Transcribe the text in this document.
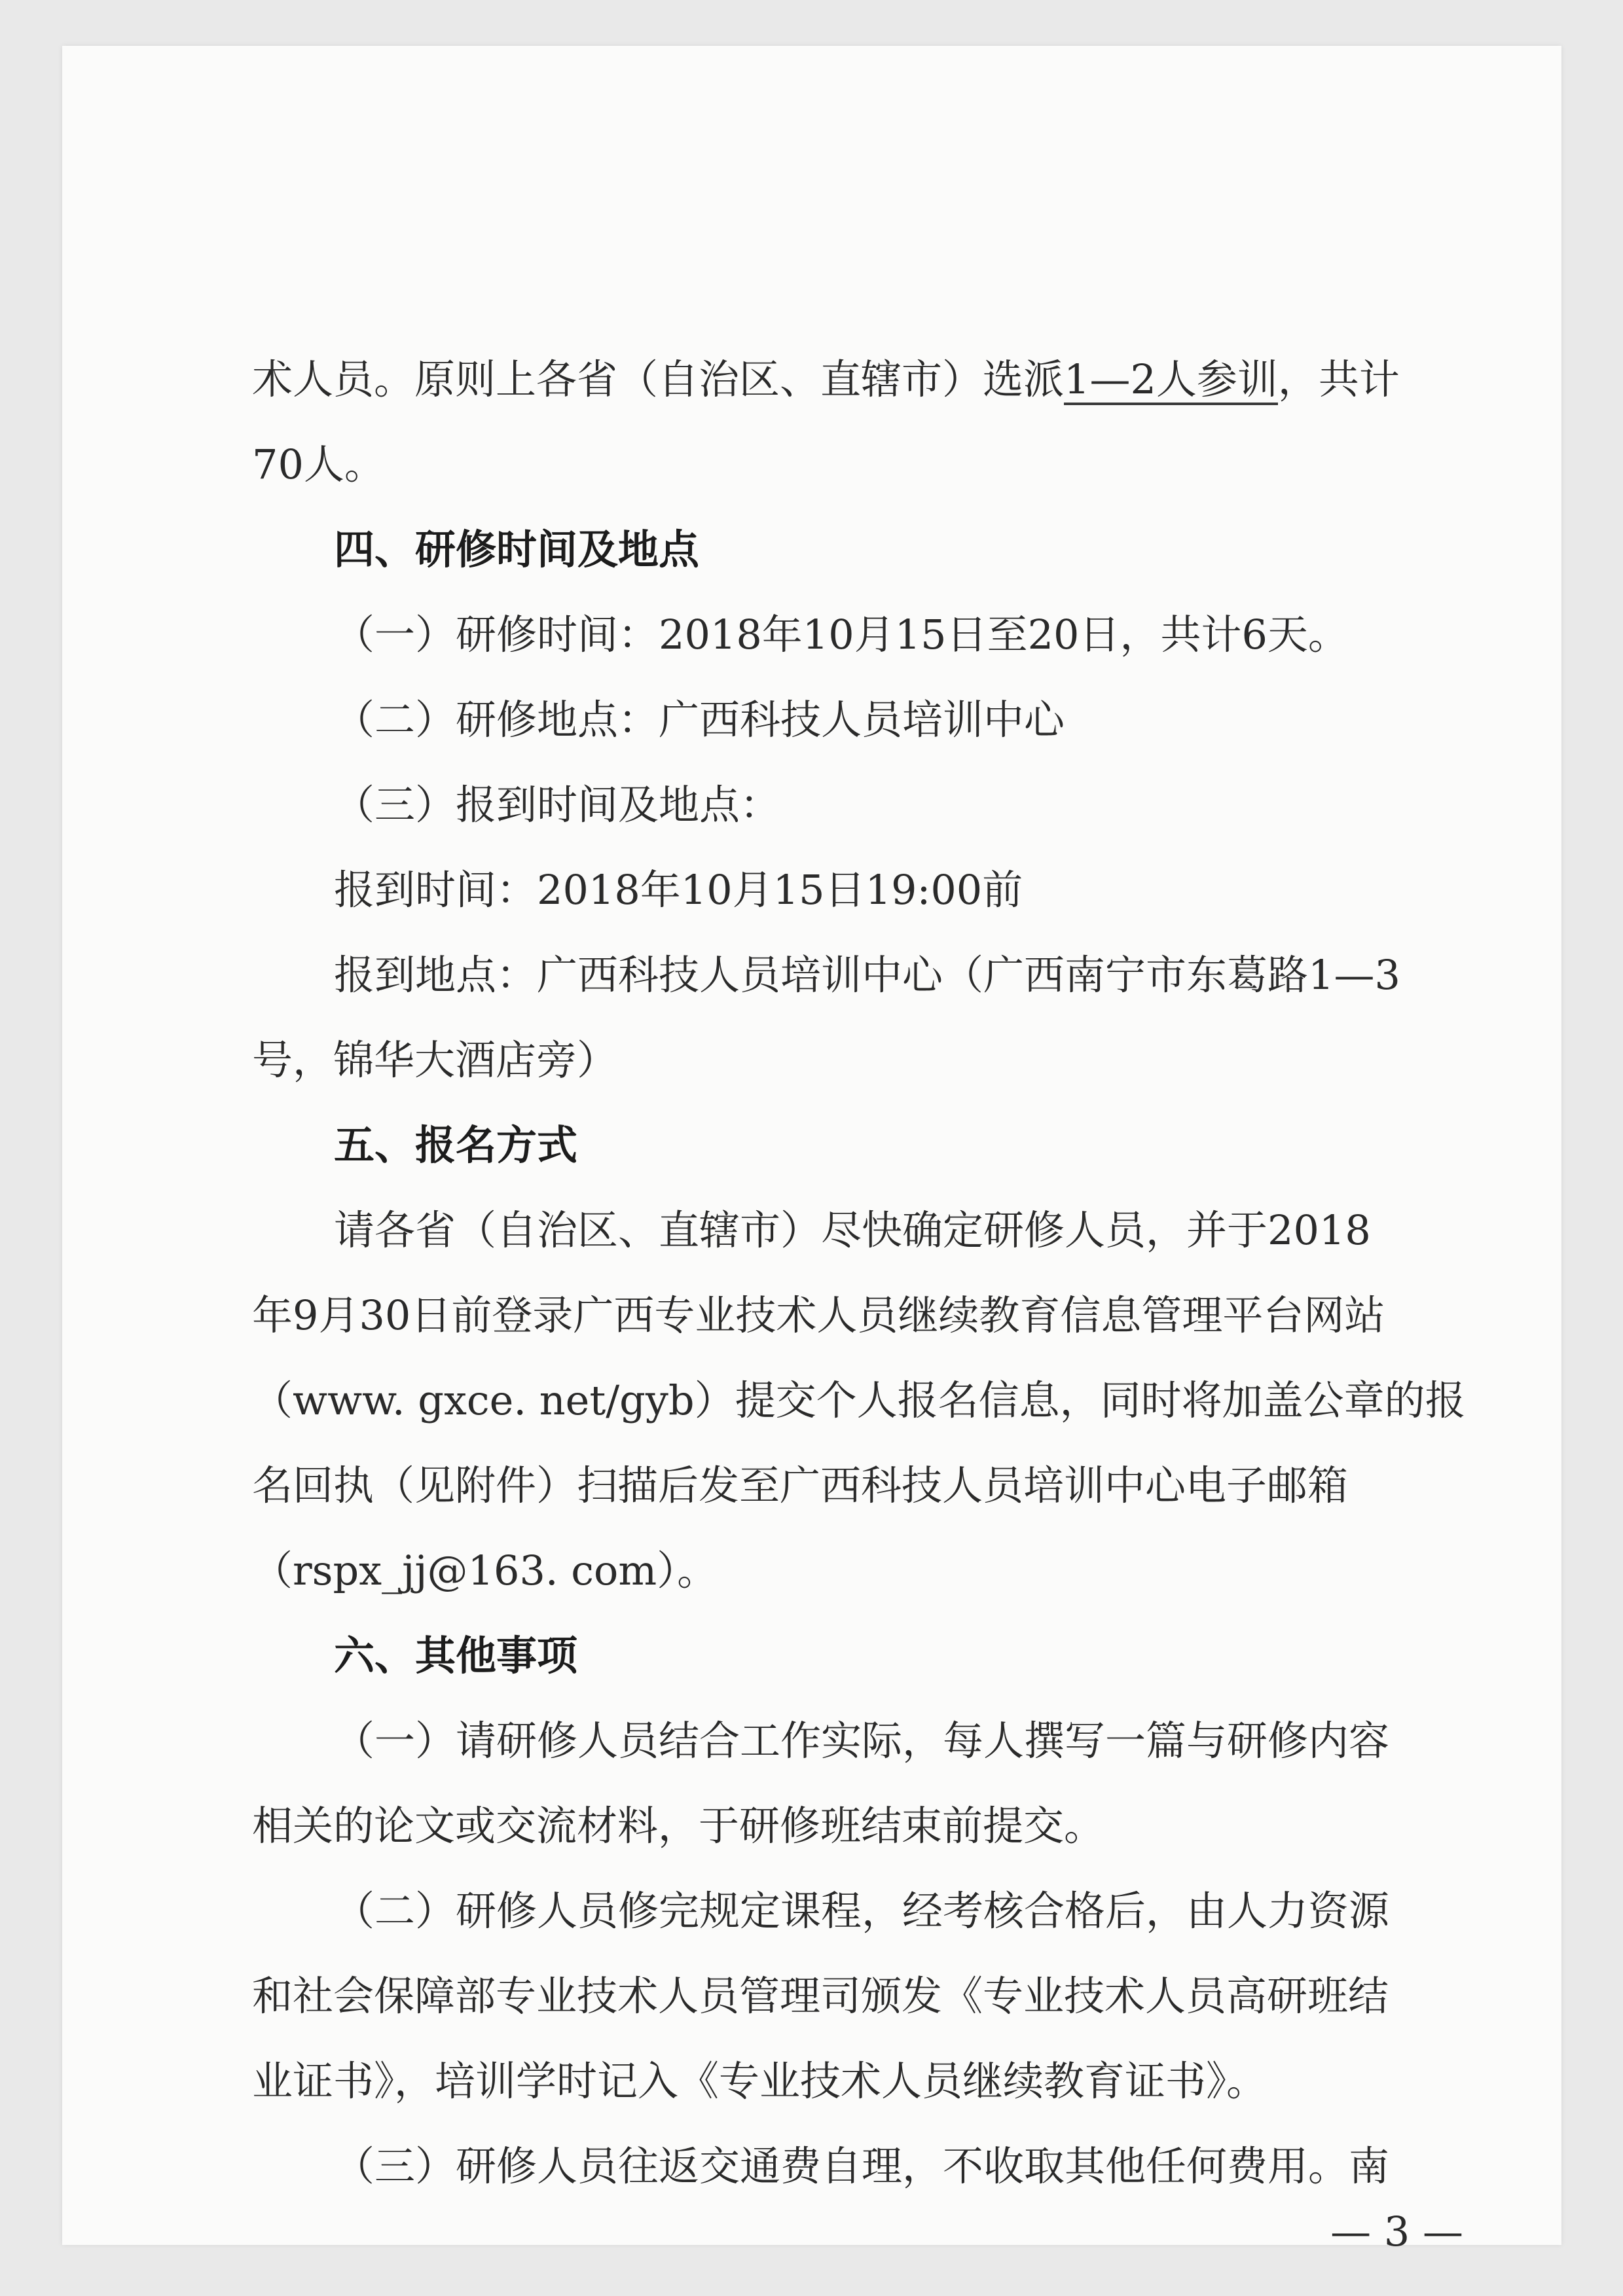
术人员。原则上各省（自治区、直辖市）选派1—2人参训，共计

70人。

四、研修时间及地点

（一）研修时间：2018年10月15日至20日，共计6天。

（二）研修地点：广西科技人员培训中心

（三）报到时间及地点：

报到时间：2018年10月15日19:00前

报到地点：广西科技人员培训中心（广西南宁市东葛路1—3

号，锦华大酒店旁）

五、报名方式

请各省（自治区、直辖市）尽快确定研修人员，并于2018

年9月30日前登录广西专业技术人员继续教育信息管理平台网站

（www. gxce. net/gyb）提交个人报名信息，同时将加盖公章的报

名回执（见附件）扫描后发至广西科技人员培训中心电子邮箱

（rspx_jj@163. com）。

六、其他事项

（一）请研修人员结合工作实际，每人撰写一篇与研修内容

相关的论文或交流材料，于研修班结束前提交。

（二）研修人员修完规定课程，经考核合格后，由人力资源

和社会保障部专业技术人员管理司颁发《专业技术人员高研班结

业证书》，培训学时记入《专业技术人员继续教育证书》。

（三）研修人员往返交通费自理，不收取其他任何费用。南

— 3 —
